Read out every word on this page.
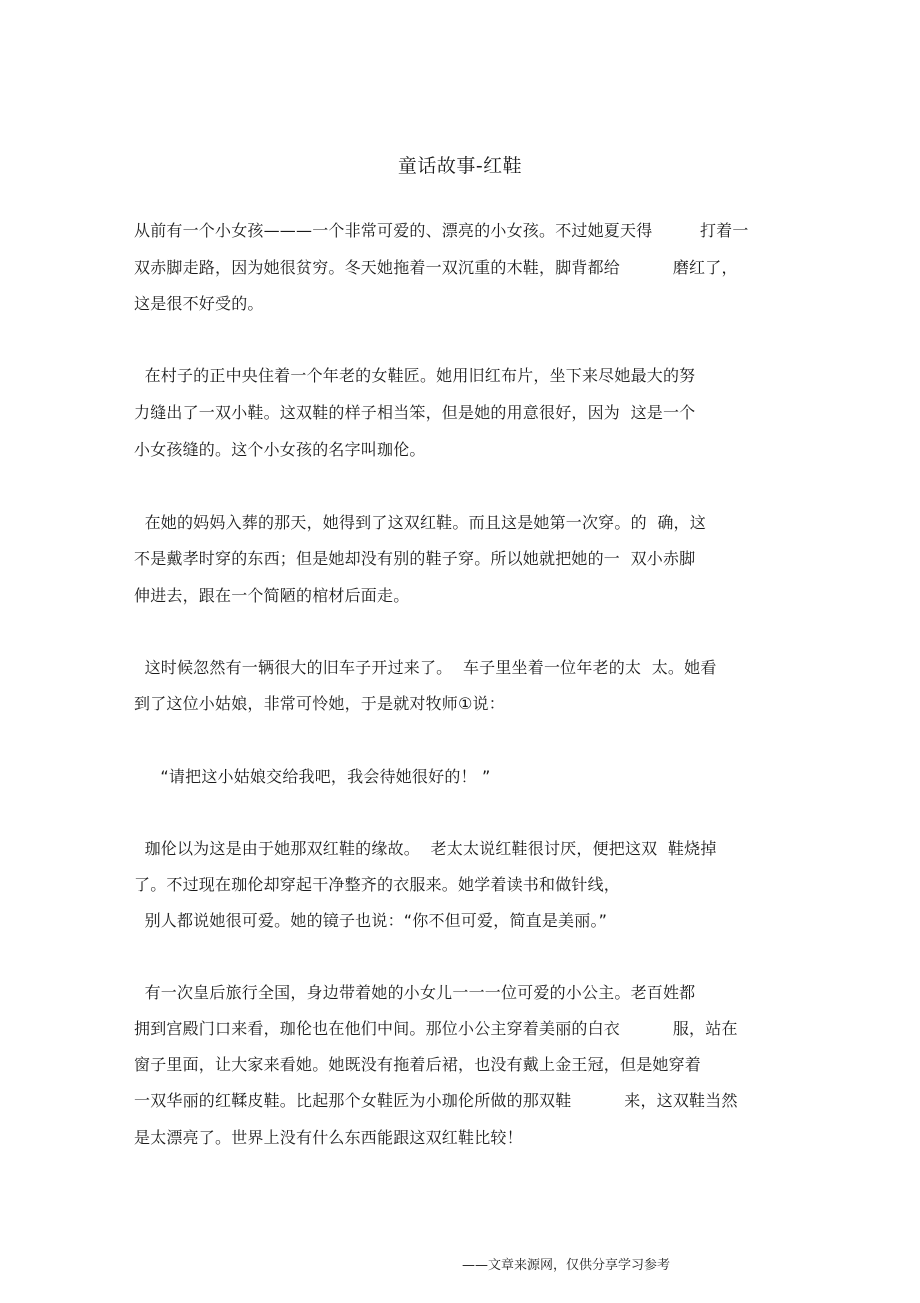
童话故事-红鞋
从前有一个小女孩———一个非常可爱的、漂亮的小女孩。不过她夏天得         打着一
双赤脚走路，因为她很贫穷。冬天她拖着一双沉重的木鞋，脚背都给          磨红了，
这是很不好受的。
在村子的正中央住着一个年老的女鞋匠。她用旧红布片，坐下来尽她最大的努
力缝出了一双小鞋。这双鞋的样子相当笨，但是她的用意很好，因为  这是一个
小女孩缝的。这个小女孩的名字叫珈伦。
在她的妈妈入葬的那天，她得到了这双红鞋。而且这是她第一次穿。的  确，这
不是戴孝时穿的东西；但是她却没有别的鞋子穿。所以她就把她的一  双小赤脚
伸进去，跟在一个简陋的棺材后面走。
这时候忽然有一辆很大的旧车子开过来了。  车子里坐着一位年老的太  太。她看
到了这位小姑娘，非常可怜她，于是就对牧师①说：
“请把这小姑娘交给我吧，我会待她很好的！ ”
珈伦以为这是由于她那双红鞋的缘故。  老太太说红鞋很讨厌，便把这双  鞋烧掉
了。不过现在珈伦却穿起干净整齐的衣服来。她学着读书和做针线，
别人都说她很可爱。她的镜子也说：“你不但可爱，简直是美丽。”
有一次皇后旅行全国，身边带着她的小女儿一一一位可爱的小公主。老百姓都
拥到宫殿门口来看，珈伦也在他们中间。那位小公主穿着美丽的白衣          服，站在
窗子里面，让大家来看她。她既没有拖着后裙，也没有戴上金王冠，但是她穿着
一双华丽的红鞣皮鞋。比起那个女鞋匠为小珈伦所做的那双鞋          来，这双鞋当然
是太漂亮了。世界上没有什么东西能跟这双红鞋比较！
——文章来源网，仅供分享学习参考
